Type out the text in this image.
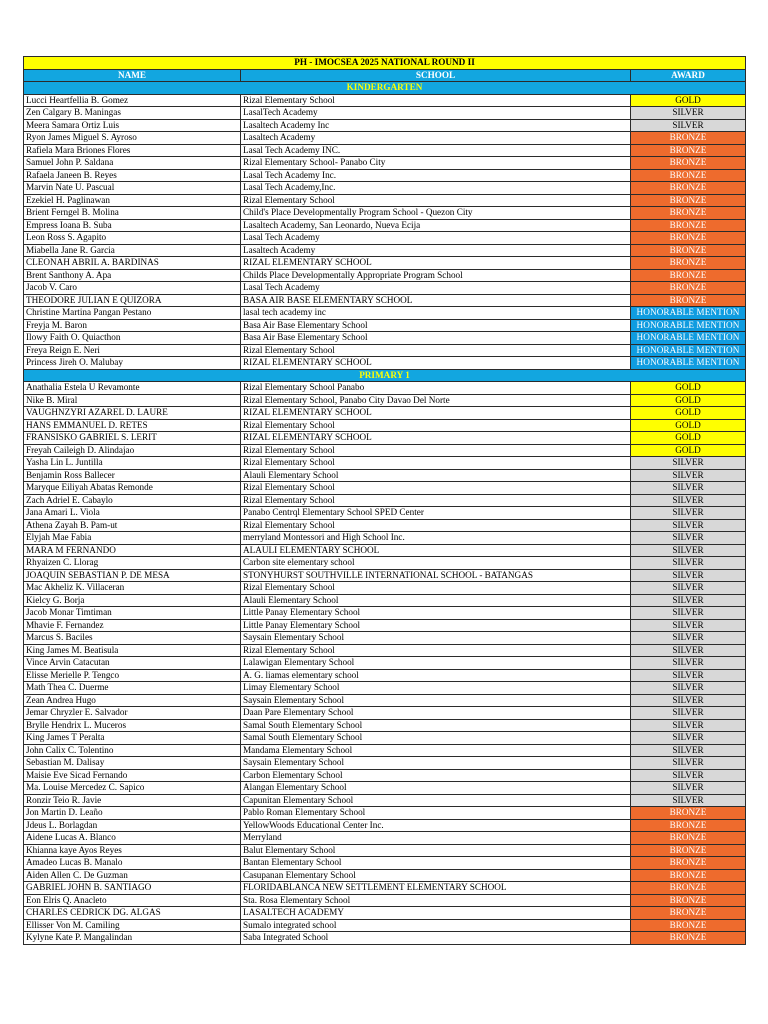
PH - IMOCSEA 2025 NATIONAL ROUND II		
NAME	SCHOOL	AWARD
KINDERGARTEN		
Lucci Heartfellia B. Gomez	Rizal Elementary School	GOLD
Zen Calgary B. Maningas	LasalTech Academy	SILVER
Meera Samara Ortiz Luis	Lasaltech Academy Inc	SILVER
Ryon James Miguel S. Ayroso	Lasaltech Academy	BRONZE
Rafiela Mara Briones Flores	Lasal Tech Academy INC.	BRONZE
Samuel John P. Saldana	Rizal Elementary School- Panabo City	BRONZE
Rafaela Janeen B. Reyes	Lasal Tech Academy Inc.	BRONZE
Marvin Nate U. Pascual	Lasal Tech Academy,Inc.	BRONZE
Ezekiel H. Paglinawan	Rizal Elementary School	BRONZE
Brient Ferngel B. Molina	Child's Place Developmentally Program School - Quezon City	BRONZE
Empress Ioana B. Suba	Lasaltech Academy, San Leonardo, Nueva Ecija	BRONZE
Leon Ross S. Agapito	Lasal Tech Academy	BRONZE
Miabella Jane R. Garcia	Lasaltech Academy	BRONZE
CLEONAH ABRIL A. BARDINAS	RIZAL ELEMENTARY SCHOOL	BRONZE
Brent Santhony A. Apa	Childs Place Developmentally Appropriate Program School	BRONZE
Jacob V. Caro	Lasal Tech Academy	BRONZE
THEODORE JULIAN E QUIZORA	BASA AIR BASE ELEMENTARY SCHOOL	BRONZE
Christine Martina Pangan Pestano	lasal tech academy inc	HONORABLE MENTION
Freyja M. Baron	Basa Air Base Elementary School	HONORABLE MENTION
Ilowy Faith O. Quiacthon	Basa Air Base Elementary School	HONORABLE MENTION
Freya Reign E. Neri	Rizal Elementary School	HONORABLE MENTION
Princess Jireh O. Malubay	RIZAL ELEMENTARY SCHOOL	HONORABLE MENTION
PRIMARY 1		
Anathalia Estela U Revamonte	Rizal Elementary School Panabo	GOLD
Nike B. Miral	Rizal Elementary School, Panabo City Davao Del Norte	GOLD
VAUGHNZYRI AZAREL D. LAURE	RIZAL ELEMENTARY SCHOOL	GOLD
HANS EMMANUEL D. RETES	Rizal Elementary School	GOLD
FRANSISKO GABRIEL S. LERIT	RIZAL ELEMENTARY SCHOOL	GOLD
Freyah Caileigh D. Alindajao	Rizal Elementary School	GOLD
Yasha Lin L. Juntilla	Rizal Elementary School	SILVER
Benjamin Ross Ballecer	Alauli Elementary School	SILVER
Maryque Eiliyah Abatas Remonde	Rizal Elementary School	SILVER
Zach Adriel E. Cabaylo	Rizal Elementary School	SILVER
Jana Amari L. Viola	Panabo Centrql Elementary School SPED Center	SILVER
Athena Zayah B. Pam-ut	Rizal Elementary School	SILVER
Elyjah Mae Fabia	merryland Montessori and High School Inc.	SILVER
MARA M FERNANDO	ALAULI ELEMENTARY SCHOOL	SILVER
Rhyaizen C. Llorag	Carbon site elementary school	SILVER
JOAQUIN SEBASTIAN P. DE MESA	STONYHURST SOUTHVILLE INTERNATIONAL SCHOOL - BATANGAS	SILVER
Mac Akheliz K. Villaceran	Rizal Elementary School	SILVER
Kielcy G. Borja	Alauli Elementary School	SILVER
Jacob Monar Timtiman	Little Panay Elementary School	SILVER
Mhavie F. Fernandez	Little Panay Elementary School	SILVER
Marcus S. Baciles	Saysain Elementary School	SILVER
King James M. Beatisula	Rizal Elementary School	SILVER
Vince Arvin Catacutan	Lalawigan Elementary School	SILVER
Elisse Merielle P. Tengco	A. G. liamas elementary school	SILVER
Math Thea C. Duerme	Limay Elementary School	SILVER
Zean Andrea Hugo	Saysain Elementary School	SILVER
Jemar Chryzler E. Salvador	Daan Pare Elementary School	SILVER
Brylle Hendrix L. Muceros	Samal South Elementary School	SILVER
King James T Peralta	Samal South Elementary School	SILVER
John Calix C. Tolentino	Mandama Elementary School	SILVER
Sebastian M. Dalisay	Saysain Elementary School	SILVER
Maisie Eve Sicad Fernando	Carbon Elementary School	SILVER
Ma. Louise Mercedez C. Sapico	Alangan Elementary School	SILVER
Ronzir Teio R. Javie	Capunitan Elementary School	SILVER
Jon Martin D. Leaño	Pablo Roman Elementary School	BRONZE
Jdeus L. Borlagdan	YellowWoods Educational Center Inc.	BRONZE
Aidene Lucas A. Blanco	Merryland	BRONZE
Khianna kaye Ayos Reyes	Balut Elementary School	BRONZE
Amadeo Lucas B. Manalo	Bantan Elementary School	BRONZE
Aiden Allen C. De Guzman	Casupanan Elementary School	BRONZE
GABRIEL JOHN B. SANTIAGO	FLORIDABLANCA NEW SETTLEMENT ELEMENTARY SCHOOL	BRONZE
Eon Elris Q. Anacleto	Sta. Rosa Elementary School	BRONZE
CHARLES CEDRICK DG. ALGAS	LASALTECH ACADEMY	BRONZE
Ellisser Von M. Camiling	Sumalo integrated school	BRONZE
Kylyne Kate P. Mangalindan	Saba Integrated School	BRONZE
